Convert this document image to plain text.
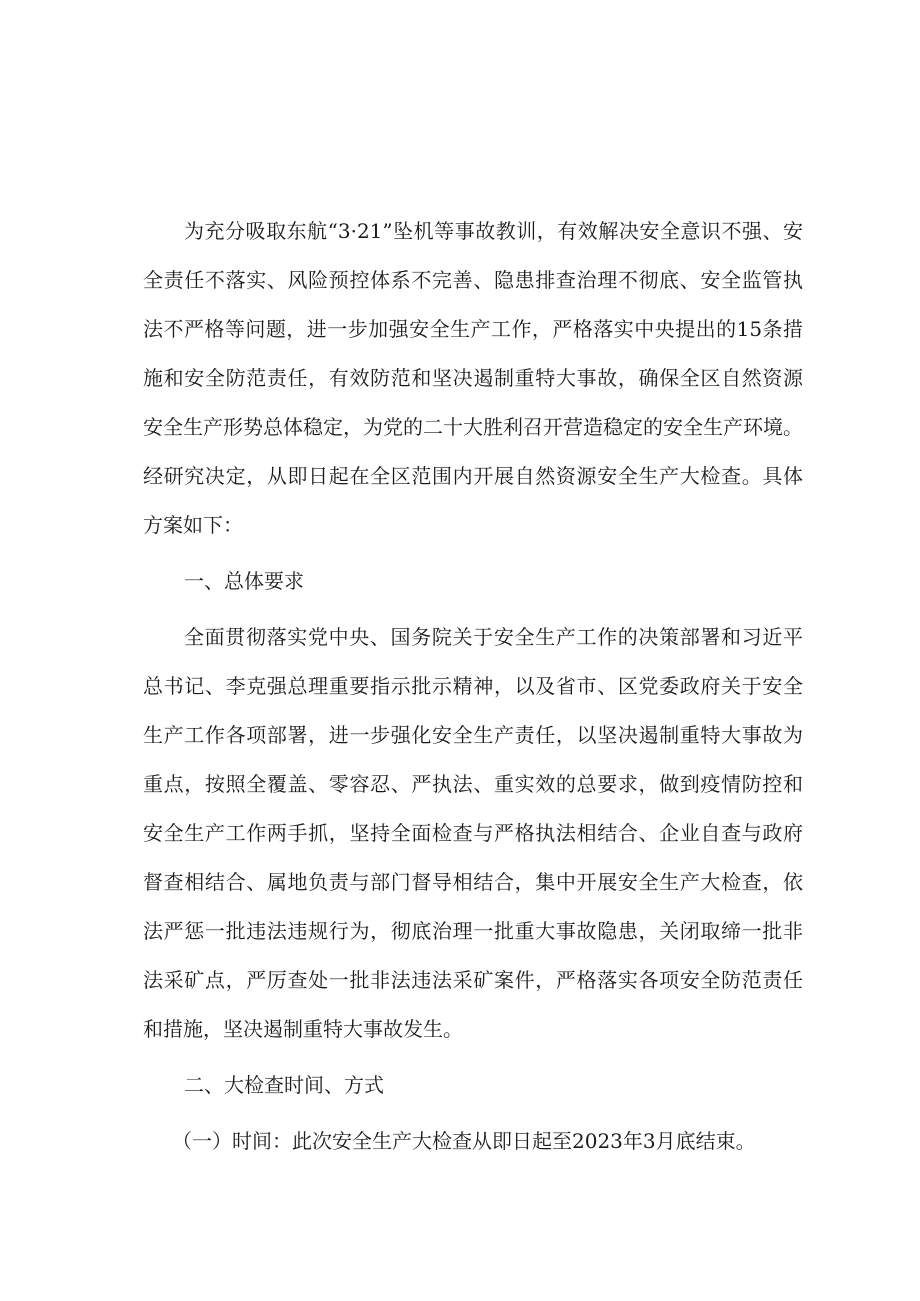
为充分吸取东航“3·21”坠机等事故教训，有效解决安全意识不强、安
全责任不落实、风险预控体系不完善、隐患排查治理不彻底、安全监管执
法不严格等问题，进一步加强安全生产工作，严格落实中央提出的15条措
施和安全防范责任，有效防范和坚决遏制重特大事故，确保全区自然资源
安全生产形势总体稳定，为党的二十大胜利召开营造稳定的安全生产环境。
经研究决定，从即日起在全区范围内开展自然资源安全生产大检查。具体
方案如下：
一、总体要求
全面贯彻落实党中央、国务院关于安全生产工作的决策部署和习近平
总书记、李克强总理重要指示批示精神，以及省市、区党委政府关于安全
生产工作各项部署，进一步强化安全生产责任，以坚决遏制重特大事故为
重点，按照全覆盖、零容忍、严执法、重实效的总要求，做到疫情防控和
安全生产工作两手抓，坚持全面检查与严格执法相结合、企业自查与政府
督查相结合、属地负责与部门督导相结合，集中开展安全生产大检查，依
法严惩一批违法违规行为，彻底治理一批重大事故隐患，关闭取缔一批非
法采矿点，严厉查处一批非法违法采矿案件，严格落实各项安全防范责任
和措施，坚决遏制重特大事故发生。
二、大检查时间、方式
（一）时间：此次安全生产大检查从即日起至2023年3月底结束。
